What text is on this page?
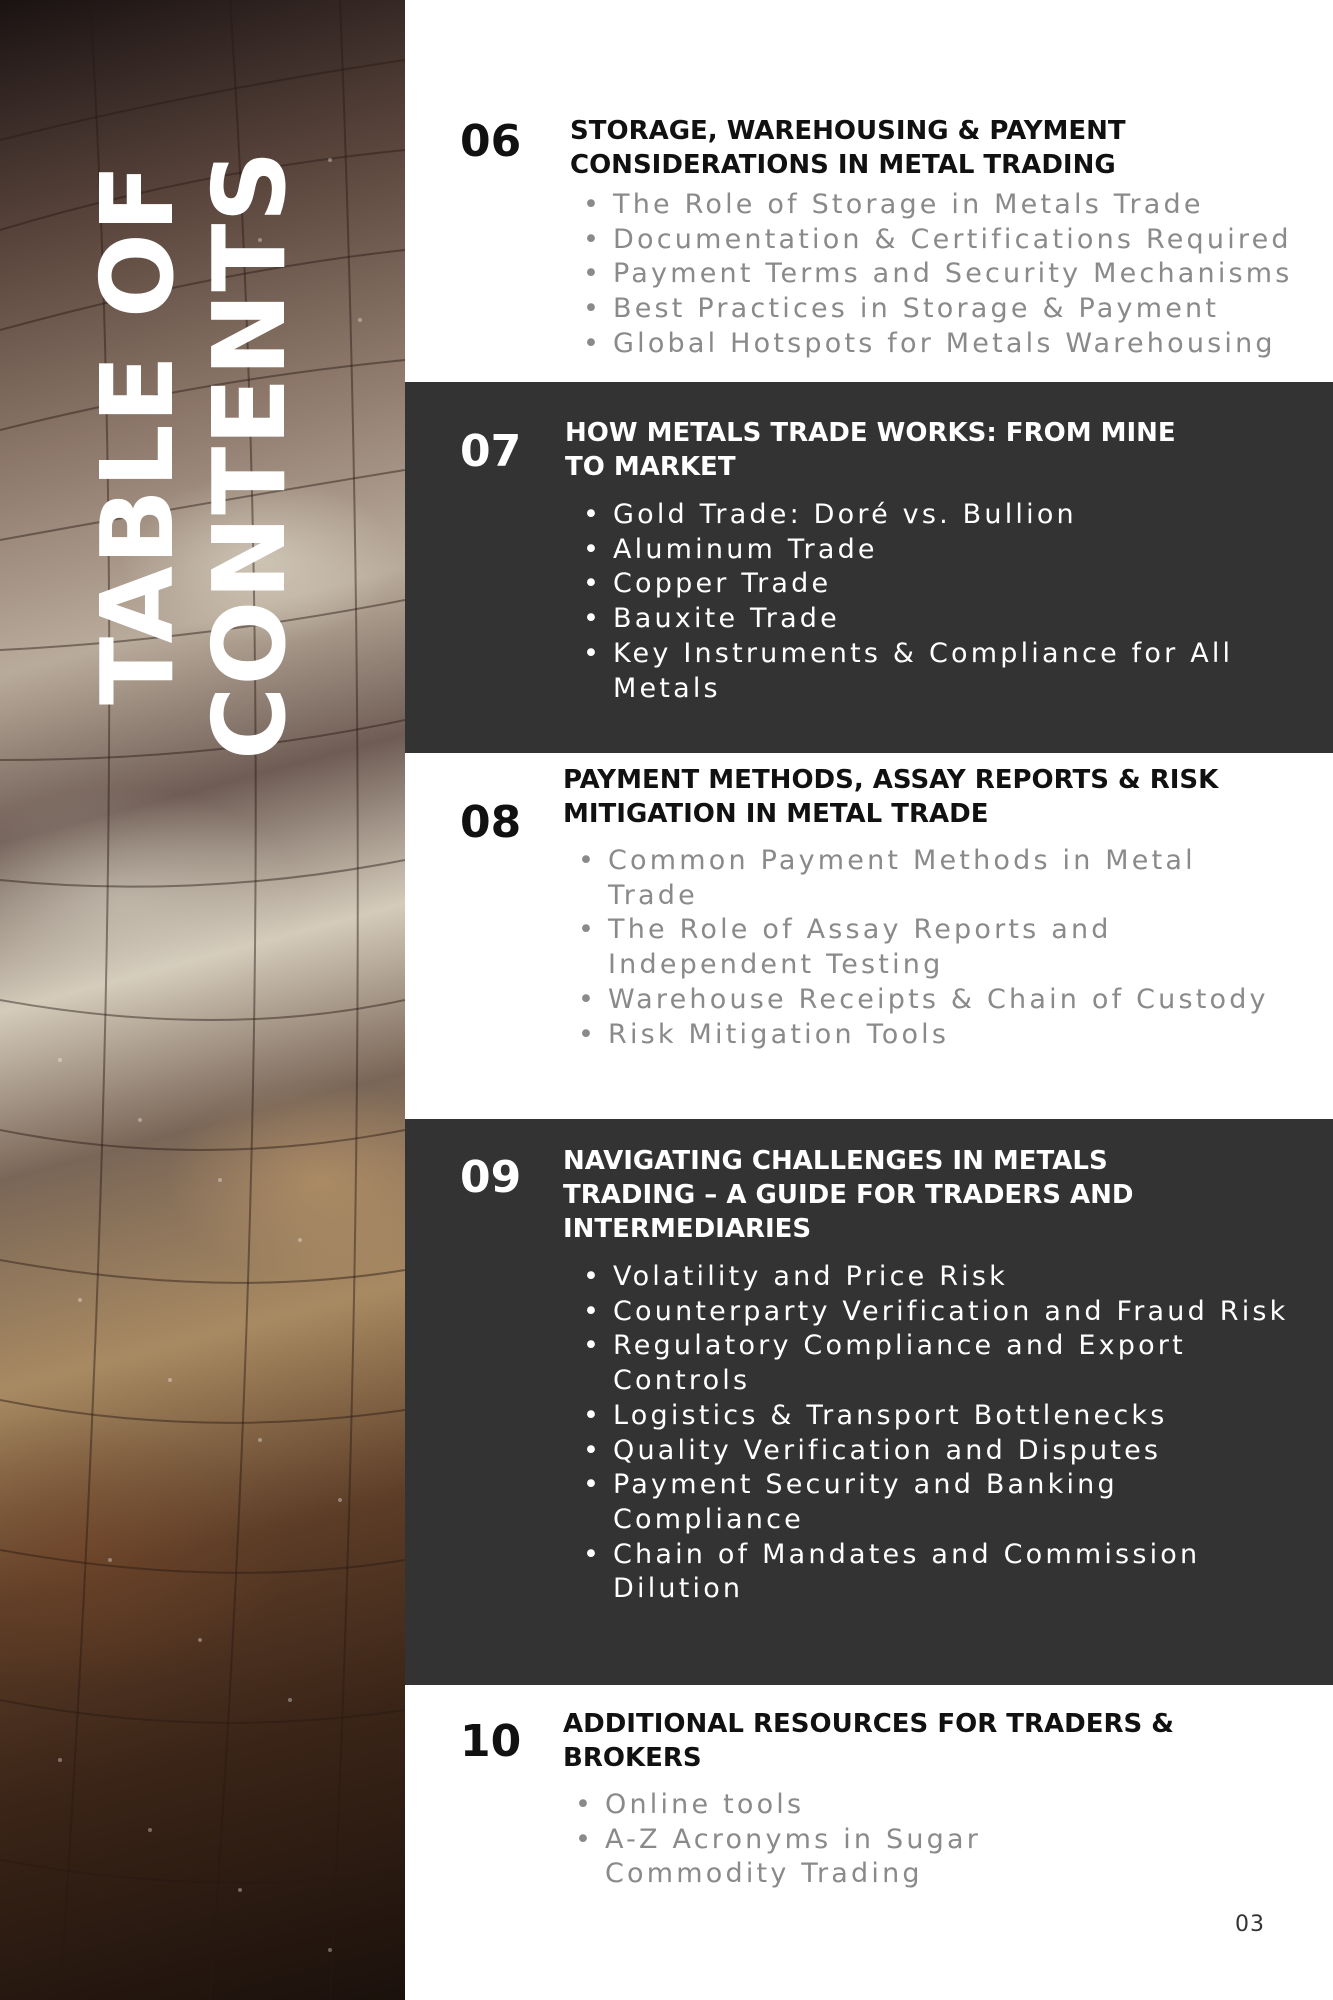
TABLE OF
CONTENTS
06 STORAGE, WAREHOUSING & PAYMENT
CONSIDERATIONS IN METAL TRADING
• The Role of Storage in Metals Trade
• Documentation & Certifications Required
• Payment Terms and Security Mechanisms
• Best Practices in Storage & Payment
• Global Hotspots for Metals Warehousing
07 HOW METALS TRADE WORKS: FROM MINE
TO MARKET
• Gold Trade: Doré vs. Bullion
• Aluminum Trade
• Copper Trade
• Bauxite Trade
• Key Instruments & Compliance for All Metals
08
PAYMENT METHODS, ASSAY REPORTS & RISK
MITIGATION IN METAL TRADE
• Common Payment Methods in Metal Trade
• The Role of Assay Reports and Independent Testing
• Warehouse Receipts & Chain of Custody
• Risk Mitigation Tools
09 NAVIGATING CHALLENGES IN METALS
TRADING – A GUIDE FOR TRADERS AND
INTERMEDIARIES
• Volatility and Price Risk
• Counterparty Verification and Fraud Risk
• Regulatory Compliance and Export Controls
• Logistics & Transport Bottlenecks
• Quality Verification and Disputes
• Payment Security and Banking Compliance
• Chain of Mandates and Commission Dilution
10 ADDITIONAL RESOURCES FOR TRADERS &
BROKERS
• Online tools
• A-Z Acronyms in Sugar Commodity Trading
03
